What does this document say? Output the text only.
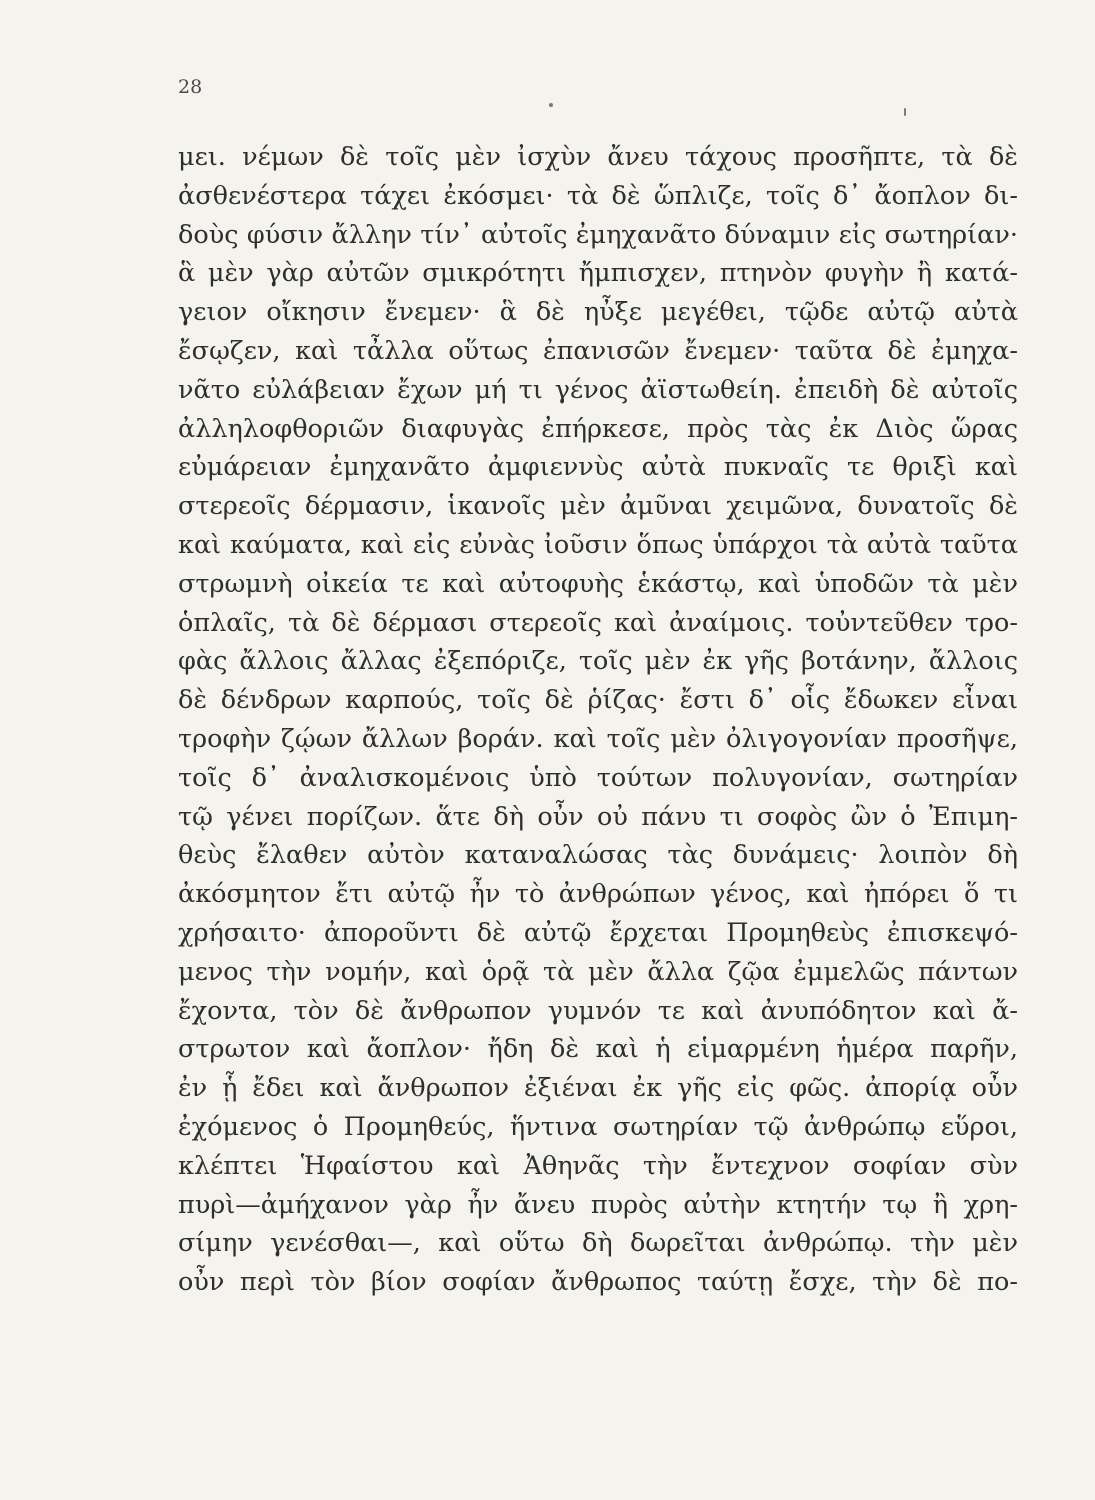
28
μει. νέμων δὲ τοῖς μὲν ἰσχὺν ἄνευ τάχους προσῆπτε, τὰ δὲ
ἀσθενέστερα τάχει ἐκόσμει· τὰ δὲ ὥπλιζε, τοῖς δ᾽ ἄοπλον δι-
δοὺς φύσιν ἄλλην τίν᾽ αὐτοῖς ἐμηχανᾶτο δύναμιν εἰς σωτηρίαν·
ἃ μὲν γὰρ αὐτῶν σμικρότητι ἤμπισχεν, πτηνὸν φυγὴν ἢ κατά-
γειον οἴκησιν ἔνεμεν· ἃ δὲ ηὖξε μεγέθει, τῷδε αὐτῷ αὐτὰ
ἔσῳζεν, καὶ τἆλλα οὕτως ἐπανισῶν ἔνεμεν· ταῦτα δὲ ἐμηχα-
νᾶτο εὐλάβειαν ἔχων μή τι γένος ἀϊστωθείη. ἐπειδὴ δὲ αὐτοῖς
ἀλληλοφθοριῶν διαφυγὰς ἐπήρκεσε, πρὸς τὰς ἐκ Διὸς ὥρας
εὐμάρειαν ἐμηχανᾶτο ἀμφιεννὺς αὐτὰ πυκναῖς τε θριξὶ καὶ
στερεοῖς δέρμασιν, ἱκανοῖς μὲν ἀμῦναι χειμῶνα, δυνατοῖς δὲ
καὶ καύματα, καὶ εἰς εὐνὰς ἰοῦσιν ὅπως ὑπάρχοι τὰ αὐτὰ ταῦτα
στρωμνὴ οἰκεία τε καὶ αὐτοφυὴς ἑκάστῳ, καὶ ὑποδῶν τὰ μὲν
ὁπλαῖς, τὰ δὲ δέρμασι στερεοῖς καὶ ἀναίμοις. τοὐντεῦθεν τρο-
φὰς ἄλλοις ἄλλας ἐξεπόριζε, τοῖς μὲν ἐκ γῆς βοτάνην, ἄλλοις
δὲ δένδρων καρπούς, τοῖς δὲ ῥίζας· ἔστι δ᾽ οἷς ἔδωκεν εἶναι
τροφὴν ζῴων ἄλλων βοράν. καὶ τοῖς μὲν ὀλιγογονίαν προσῆψε,
τοῖς δ᾽ ἀναλισκομένοις ὑπὸ τούτων πολυγονίαν, σωτηρίαν
τῷ γένει πορίζων. ἅτε δὴ οὖν οὐ πάνυ τι σοφὸς ὢν ὁ Ἐπιμη-
θεὺς ἔλαθεν αὐτὸν καταναλώσας τὰς δυνάμεις· λοιπὸν δὴ
ἀκόσμητον ἔτι αὐτῷ ἦν τὸ ἀνθρώπων γένος, καὶ ἠπόρει ὅ τι
χρήσαιτο· ἀποροῦντι δὲ αὐτῷ ἔρχεται Προμηθεὺς ἐπισκεψό-
μενος τὴν νομήν, καὶ ὁρᾷ τὰ μὲν ἄλλα ζῷα ἐμμελῶς πάντων
ἔχοντα, τὸν δὲ ἄνθρωπον γυμνόν τε καὶ ἀνυπόδητον καὶ ἄ-
στρωτον καὶ ἄοπλον· ἤδη δὲ καὶ ἡ εἱμαρμένη ἡμέρα παρῆν,
ἐν ᾗ ἔδει καὶ ἄνθρωπον ἐξιέναι ἐκ γῆς εἰς φῶς. ἀπορίᾳ οὖν
ἐχόμενος ὁ Προμηθεύς, ἥντινα σωτηρίαν τῷ ἀνθρώπῳ εὕροι,
κλέπτει Ἡφαίστου καὶ Ἀθηνᾶς τὴν ἔντεχνον σοφίαν σὺν
πυρὶ—ἀμήχανον γὰρ ἦν ἄνευ πυρὸς αὐτὴν κτητήν τῳ ἢ χρη-
σίμην γενέσθαι—, καὶ οὕτω δὴ δωρεῖται ἀνθρώπῳ. τὴν μὲν
οὖν περὶ τὸν βίον σοφίαν ἄνθρωπος ταύτῃ ἔσχε, τὴν δὲ πο-
